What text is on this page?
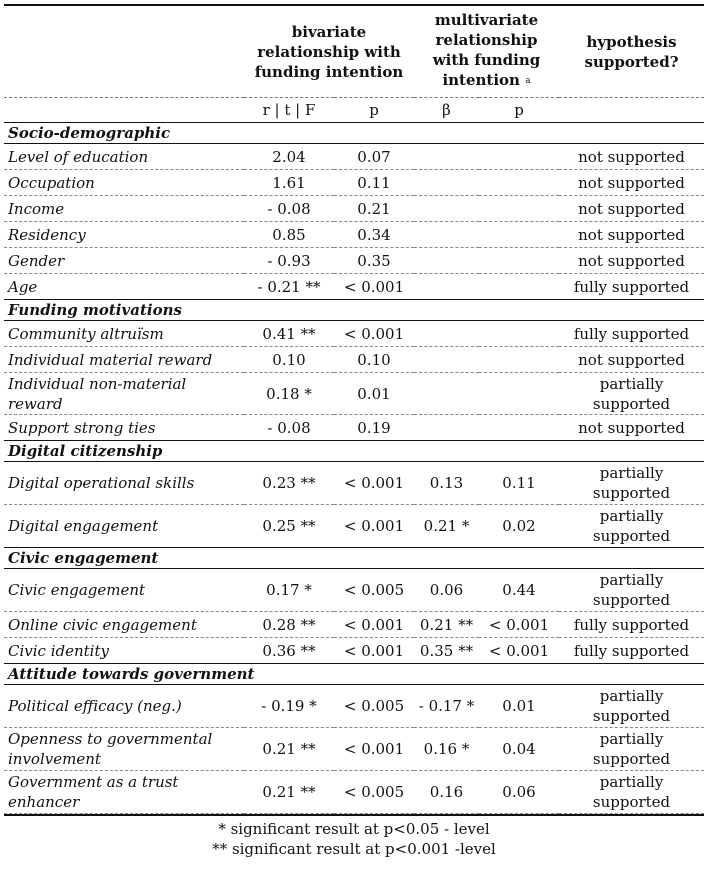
	bivariate relationship with funding intention		multivariate relationship with funding intention $^a$		hypothesis supported?
	r | t | F	p	β	p	
Socio-demographic					
Level of education	2.04	0.07			not supported
Occupation	1.61	0.11			not supported
Income	- 0.08	0.21			not supported
Residency	0.85	0.34			not supported
Gender	- 0.93	0.35			not supported
Age	- 0.21 **	< 0.001			fully supported
Funding motivations					
Community altruïsm	0.41 **	< 0.001			fully supported
Individual material reward	0.10	0.10			not supported
Individual non-material reward	0.18 *	0.01			partially supported
Support strong ties	- 0.08	0.19			not supported
Digital citizenship					
Digital operational skills	0.23 **	< 0.001	0.13	0.11	partially supported
Digital engagement	0.25 **	< 0.001	0.21 *	0.02	partially supported
Civic engagement					
Civic engagement	0.17 *	< 0.005	0.06	0.44	partially supported
Online civic engagement	0.28 **	< 0.001	0.21 **	< 0.001	fully supported
Civic identity	0.36 **	< 0.001	0.35 **	< 0.001	fully supported
Attitude towards government					
Political efficacy (neg.)	- 0.19 *	< 0.005	- 0.17 *	0.01	partially supported
Openness to governmental involvement	0.21 **	< 0.001	0.16 *	0.04	partially supported
Government as a trust enhancer	0.21 **	< 0.005	0.16	0.06	partially supported

* significant result at p<0.05 - level
** significant result at p<0.001 -level
